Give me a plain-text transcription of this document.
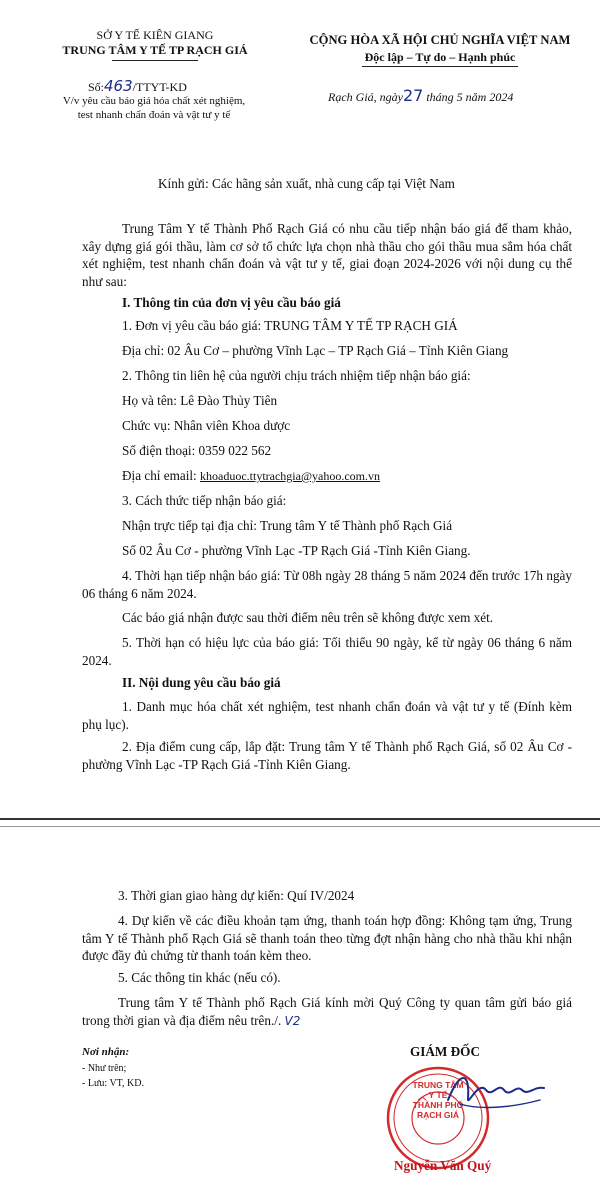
SỞ Y TẾ KIÊN GIANG
TRUNG TÂM Y TẾ TP RẠCH GIÁ
CỘNG HÒA XÃ HỘI CHỦ NGHĨA VIỆT NAM
Độc lập – Tự do – Hạnh phúc
Số:463/TTYT-KD
V/v yêu cầu báo giá hóa chất xét nghiệm,
test nhanh chẩn đoán và vật tư y tế
Rạch Giá, ngày27 tháng 5 năm 2024
Kính gửi: Các hãng sản xuất, nhà cung cấp tại Việt Nam
Trung Tâm Y tế Thành Phố Rạch Giá có nhu cầu tiếp nhận báo giá để tham khảo, xây dựng giá gói thầu, làm cơ sở tổ chức lựa chọn nhà thầu cho gói thầu mua sắm hóa chất xét nghiệm, test nhanh chẩn đoán và vật tư y tế, giai đoạn 2024-2026 với nội dung cụ thể như sau:
I. Thông tin của đơn vị yêu cầu báo giá
1. Đơn vị yêu cầu báo giá: TRUNG TÂM Y TẾ TP RẠCH GIÁ
Địa chỉ: 02 Âu Cơ – phường Vĩnh Lạc – TP Rạch Giá – Tỉnh Kiên Giang
2. Thông tin liên hệ của người chịu trách nhiệm tiếp nhận báo giá:
Họ và tên: Lê Đào Thủy Tiên
Chức vụ: Nhân viên Khoa dược
Số điện thoại: 0359 022 562
Địa chỉ email: khoaduoc.ttytrachgia@yahoo.com.vn
3. Cách thức tiếp nhận báo giá:
Nhận trực tiếp tại địa chỉ: Trung tâm Y tế Thành phố Rạch Giá
Số 02 Âu Cơ - phường Vĩnh Lạc -TP Rạch Giá -Tỉnh Kiên Giang.
4. Thời hạn tiếp nhận báo giá: Từ 08h ngày 28 tháng 5 năm 2024 đến trước 17h ngày 06 tháng 6 năm 2024.
Các báo giá nhận được sau thời điểm nêu trên sẽ không được xem xét.
5. Thời hạn có hiệu lực của báo giá: Tối thiểu 90 ngày, kể từ ngày 06 tháng 6 năm 2024.
II. Nội dung yêu cầu báo giá
1. Danh mục hóa chất xét nghiệm, test nhanh chẩn đoán và vật tư y tế (Đính kèm phụ lục).
2. Địa điểm cung cấp, lắp đặt: Trung tâm Y tế Thành phố Rạch Giá, số 02 Âu Cơ - phường Vĩnh Lạc -TP Rạch Giá -Tỉnh Kiên Giang.
3. Thời gian giao hàng dự kiến: Quí IV/2024
4. Dự kiến về các điều khoản tạm ứng, thanh toán hợp đồng: Không tạm ứng, Trung tâm Y tế Thành phố Rạch Giá sẽ thanh toán theo từng đợt nhận hàng cho nhà thầu khi nhận được đầy đủ chứng từ thanh toán kèm theo.
5. Các thông tin khác (nếu có).
Trung tâm Y tế Thành phố Rạch Giá kính mời Quý Công ty quan tâm gửi báo giá trong thời gian và địa điểm nêu trên./. V2
Nơi nhận:
- Như trên;
- Lưu: VT, KD.
GIÁM ĐỐC
TRUNG TÂM
Y TẾ
THÀNH PHỐ
RẠCH GIÁ
Nguyễn Văn Quý
